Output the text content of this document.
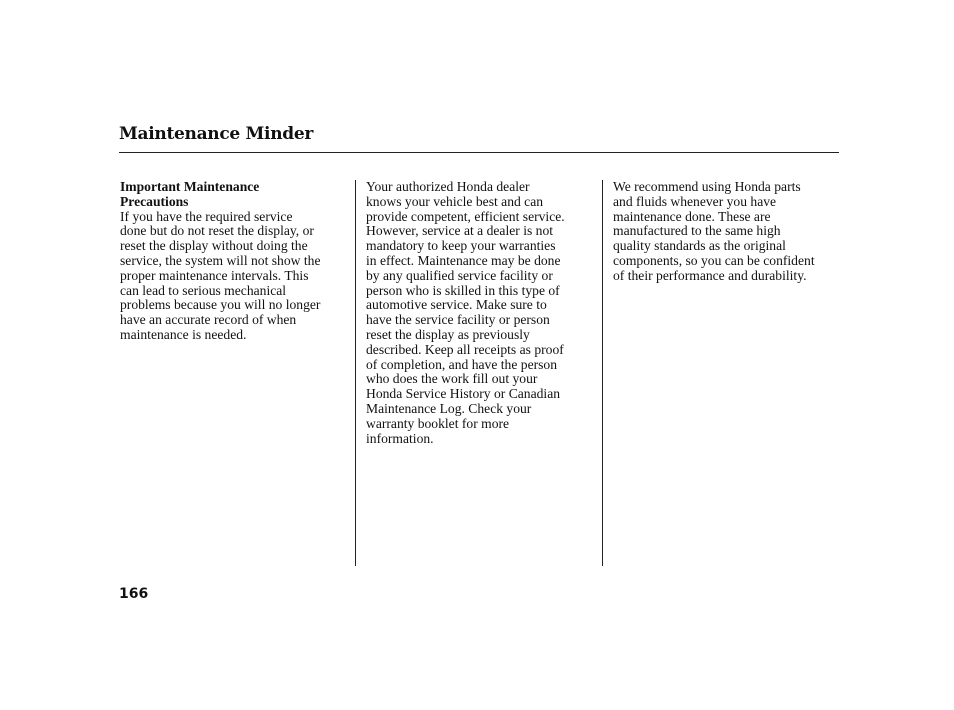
Maintenance Minder

Important Maintenance
Precautions

If you have the required service
done but do not reset the display, or
reset the display without doing the
service, the system will not show the
proper maintenance intervals. This
can lead to serious mechanical
problems because you will no longer
have an accurate record of when
maintenance is needed.

Your authorized Honda dealer
knows your vehicle best and can
provide competent, efficient service.
However, service at a dealer is not
mandatory to keep your warranties
in effect. Maintenance may be done
by any qualified service facility or
person who is skilled in this type of
automotive service. Make sure to
have the service facility or person
reset the display as previously
described. Keep all receipts as proof
of completion, and have the person
who does the work fill out your
Honda Service History or Canadian
Maintenance Log. Check your
warranty booklet for more
information.

We recommend using Honda parts
and fluids whenever you have
maintenance done. These are
manufactured to the same high
quality standards as the original
components, so you can be confident
of their performance and durability.

166
